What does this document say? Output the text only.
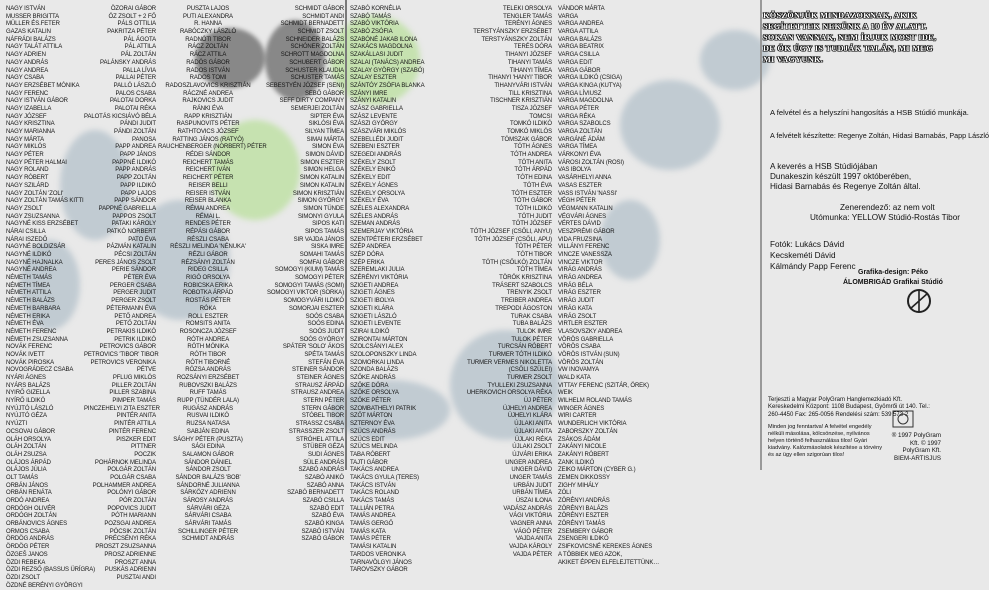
NAGY ISTVÁN
MUSSER BRIGITTA
MÜLLER ÉS.FETER
GAZAS KATALIN
NÁFRÁDI BALÁZS
NAGY TALÁT ATTILA
NAGY ADRIEN
NAGY ANDRÁS
NAGY ANDREA
NAGY CSABA
NAGY ERZSÉBET MÓNIKA
NAGY FERENC
NAGY ISTVÁN GÁBOR
NAGY IZABELLA
NAGY JÓZSEF
NAGY KRISZTINA
NAGY MARIANNA
NAGY MÁRTA
NAGY MIKLÓS
NAGY PÉTER
NAGY PÉTER HALMAI
NAGY ROLAND
NAGY RÓBERT
NAGY SZILÁRD
NAGY ZOLTÁN 'ZOLI'
NAGY ZOLTÁN TAMÁS KITTI
NAGY ZSOLT
NAGY ZSUZSANNA
NAGYNÉ KISS ERZSÉBET
NÁRAI CSILLA
NÁRAI ISZEDŐ
NAGYNÉ BOLDIZSÁR
NAGYNÉ ILDIKÓ
NAGYNÉ HAJNALKA
NAGYNÉ ANDREA
NÉMETH TAMÁS
NÉMETH TÍMEA
NÉMETH ATTILA
NÉMETH BALÁZS
NÉMETH BARBARA
NÉMETH ERIKA
NÉMETH ÉVA
NÉMETH FERENC
NÉMETH ZSUZSANNA
NOVÁK FERENC
NOVÁK IVETT
NOVÁK PIROSKA
NOVOGRÁDECZ CSABA
NYÁRI ÁGNES
NYÁRS BALÁZS
NYIRŐ GIZELLA
NYÍRŐ ILDIKÓ
NYÚJTÓ LÁSZLÓ
NYÚJTÓ GÉZA
NYÚZTI
OCSOVAI GÁBOR
OLÁH ORSOLYA
OLÁH ZOLTÁN
OLÁH ZSUZSA
OLÁJOS ÁRPÁD
OLÁJOS JÚLIA
OLT TAMÁS
ORBÁN JÁNOS
ORBÁN RENÁTA
ORDÓ ANDREA
ORDÓGH OLIVÉR
ORDÓGH ZOLTÁN
ORBÁNOVICS ÁGNES
ORMOS CSABA
ÖRDÖG ANDRÁS
ÖRDÖG PÉTER
ÖZGEŠ JANOS
ÖZDI REBEKA
ÖZDI REZSŐ (BASSUS ÜRÍGRA)
ÖZDI ZSOLT
ÖZDNÉ BERÉNYI GYÖRGYI
ÖZORAI GÁBOR
ÖZ ZSOLT + 2 FŐ
PÁLS OTTILIA
PAKRITZA PÉTER
PÁL ÁGOTA
PÁL ATTILA
PÁL ZOLTÁN
PALÁNSKY ANDRÁS
PALLA LÍVIA
PALLAI PÉTER
PALLÓ LÁSZLÓ
PALOS CSABA
PALOTAI DORKA
PALOTAI RÉKA
PALOTÁS KICSIÁVÓ BÉLA
PÁNDI JUDIT
PÁNDI ZOLTÁN
PANOSA
PAPP ANDREA
PAPP JÁNOS
PAPPNÉ ILDIKÓ
PAPP ANDRÁS
PAPP ZOLTÁN
PAPP ILDIKÓ
PAPP LAJOS
PAPP SÁNDOR
PAPPNÉ GABRIELLA
PAPPOS ZSOLT
PATAKI KÁROLY
PATKÓ NORBERT
PATO ÉVA
PÁZMÁN KATALIN
PÉCSI ZOLTÁN
PERES JÁNOS ZSOLT
PERIE SÁNDOR
PÉTER ÉVA
PERGER CSABA
PERGER JUDIT
PERGER ZSOLT
PÉTERMANN ÉVA
PETŐ ANDREA
PETŐ ZOLTÁN
PETRAKIS ILDIKÓ
PETRIK ILDIKÓ
PETROVICS GÁBOR
PETROVICS 'TIBOR' TIBOR
PETROVICS VERONIKA
PÉTVE
PFLUG MIKLÓS
PILLER ZOLTÁN
PILLER SZABINA
PIMPER TAMÁS
PINCZEHELYI ZITA ESZTER
PINTÉR ANITA
PINTÉR ATTILA
PINTÉR FERENC
PISZKER EDIT
PITTNER
POCZIK
POHÁRNOK MELINDA
POLGÁR ZOLTÁN
POLGÁR CSABA
POLHAMMER ANDREA
POLÓNYI GÁBOR
PÓR ZOLTÁN
POPOVICS JUDIT
PÓTH MARIANN
POZSGAI ANDREA
PÓCSIK ZOLTÁN
PRÉCSÉNYI RÉKA
PROSZT ZSUZSANNA
PROSZ ADRIENNE
PROSZT ANNA
PUSKÁS ADRIENN
PUSZTAI ANDI
PUSZTA LAJOS
PUTI ALEXANDRA
R. HANNA
RABÓCZKY LÁSZLÓ
RADNÓTI TIBOR
RÁCZ ZOLTÁN
RÁCZ ATTILA
RADÓS GÁBOR
RADOS ISTVÁN
RADOS TOMI
RADOSZLAVOVICS KRISZTIÁN
RÁCZNÉ ANDREA
RAJKOVICS JUDIT
RÁNKI ÉVA
RAPP KRISZTIÁN
RASPUNOVITS PÉTER
RATHTOVICS JÓZSEF
RATTING JÁNOS (RATYÓ)
RAUCHENBERGER (NORBERT) PÉTER
RÉDEI SÁNDOR
REICHERT TAMÁS
REICHERT IVÁN
REICHERT PÉTER
REISER BELLI
REISER ISTVÁN
REISER BLANKA
RÉMAI ANDREA
RÉMAI L.
RENDES PÉTER
RÉPÁSI GÁBOR
RÉSZLI CSABA
RÉSZLI MELINDA 'NÉNUKA'
RÉZLI GÁBOR
RÉZSÁNYI ZOLTÁN
RIDEG CSILLA
RIGÓ ORSOLYA
ROBICSKA ERIKA
ROBOTKA ÁRPÁD
ROSTÁS PÉTER
RÓKA
ROLL ESZTER
ROMSITS ANITA
ROSONCZA JÓZSEF
RÓTH ANDREA
RÓTH MÓNIKA
RÓTH TIBOR
RÓTH TIBORNÉ
RÓZSA ANDRÁS
ROZSÁNYI ERZSÉBET
RUBOVSZKI BALÁZS
RUFF TAMÁS
RUPP (TÜNDÉR LALA)
RUGÁSZ ANDRÁS
RUSVAI ILDIKÓ
RUZSA NATASA
SABJÁN EDINA
SÁGHY PÉTER (PUSZTA)
SÁGI EDINA
SALAMON GÁBOR
SÁNDOR DÁNIEL
SÁNDOR ZSOLT
SÁNDOR BALÁZS 'BOB'
SÁNDORNÉ JULIANNA
SÁRKÖZY ADRIENN
SÁROSY ANDRÁS
SÁRVÁRI GÉZA
SÁRVÁRI CSABA
SÁRVÁRI TAMÁS
SCHILLINGER PÉTER
SCHMIDT ANDRÁS
SCHMIDT GÁBOR
SCHMIDT ANDI
SCHMIDT BERNADETT
SCHMIDT ZSOLT
SCHNEIDER BALÁZS
SCHÓNER ZOLTÁN
SCHROTT MAGDOLNA
SCHUBERT GÁBOR
SCHUSTER KLAUDIA
SCHUSTER TAMÁS
SEBESTYÉN JÓZSEF (SENI)
SEBŐ GÁBOR
SEFF DIRTY COMPANY
SEMERJEI ZOLTÁN
SIPTER ÉVA
SIKLÓSI ÉVA
SILYAN TÍMEA
SIMAI MÁRTA
SIMON ÉVA
SIMON DÁVID
SIMON ESZTER
SIMON HELGA
SIMON KATALIN
SIMON KATALIN
SIMON KRISZTIÁN
SIMON GYÖRGY
SIMON TÜNDE
SIMONYI GYULA
SIPOS KATI
SIPOS TAMÁS
SIR VAJDA JÁNOS
SISKA IMRE
SOMAHI TAMÁS
SOMFAI GÁBOR
SOMOGYI (KIUM) TAMÁS
SOMOGYI PÉTER
SOMOGYI TAMÁS (SOMI)
SOMOGYI VIKTOR (SORKA)
SOMOGYVÁRI ILDIKÓ
SOMORJAI ESZTER
SOÓS CSABA
SOÓS EDINA
SOÓS JUDIT
SOÓS GYÖRGY
SPÁTER 'SOLO' ÁKOS
SPÉTA TAMÁS
STEFÁN ÉVA
STEINER SÁNDOR
STEINER ÁGNES
STRAUSZ ÁRPÁD
STRAUSZ ANDREA
STERN PÉTER
STERN GÁBOR
STÓBEL TIBOR
STRASSZ CSABA
STRASSZER ZSOLT
STRÓHEL ATTILA
STÜBER GÉZA
SUDI ÁGNES
SÜLE ANDRÁS
SZABÓ ANDRÁS
SZABÓ ANIKÓ
SZABÓ ANNA
SZABÓ BERNADETT
SZABÓ CSILLA
SZABÓ EDIT
SZABÓ ÉVA
SZABÓ KINGA
SZABÓ ISTVÁN
SZABÓ GÁBOR
SZABÓ KORNÉLIA
SZABÓ TAMÁS
SZABÓ VIKTÓRIA
SZABÓ ZSÓFIA
SZABÓNÉ JAKAB ILONA
SZAKÁCS MAGDOLNA
SZAKÁLLASI JUDIT
SZALAI (TANÁCS) ANDREA
SZALAY GYÖRGY (SZABÓ)
SZALAY ESZTER
SZÁNTÓY ZSÓFIA BLANKA
SZÁNYI IMRE
SZÁNYI KATALIN
SZÁSZ GABRIELLA
SZÁSZ LEVENTE
SZÁSZI GYÖRGY
SZÁSZVÁRI MIKLÓS
SZEBELLÉDI JUDIT
SZEBENI ESZTER
SZEGEDI ANDRÁS
SZÉKELY ZSOLT
SZÉKELY ENIKŐ
SZÉKELY EDIT
SZÉKELY ÁGNES
SZÉKELY ORSOLYA
SZÉKELY ÉVA
SZÉLES ALEXANDRA
SZÉLES ANDRÁS
SZEMAN ANDRÁS
SZEMERJAY VIKTÓRIA
SZENTPÉTERI ERZSÉBET
SZÉP ANDREA
SZÉP DÓRA
SZÉP ERIKA
SZEREMLAKI JULIA
SZÉRÉNYI VIKTÓRIA
SZIGETI ANDREA
SZIGETI ÁGNES
SZIGETI IBOLYA
SZIGETI KLÁRA
SZIGETI LÁSZLÓ
SZIGETI LEVENTE
SZIRAI ILDIKÓ
SZIRONTAI MÁRTON
SZOLCSÁNYI ALEX
SZOLOPONSZKY LINDA
SZOMORKAI LINDA
SZONDA BALÁZS
SZŐKE ANDRÁS
SZŐKE DÓRA
SZŐKE ORSOLYA
SZŐKE PÉTER
SZOMBATHELYI PATRIK
SZŐT MÁRTON
SZTERNOY ÉVA
SZÜCS ANDRÁS
SZÜCS EDIT
SZÜCS MELINDA
TABA RÓBERT
TAJTI GÁBOR
TAKÁCS ANDREA
TAKÁCS GYULA (TERES)
TAKÁCS ISTVÁN
TAKÁCS ROLAND
TAKÁCS TAMÁS
TALLIÁN PETRA
TAMÁS ANDREA
TAMÁS GERGŐ
TAMÁS KATA
TAMÁS PÉTER
TAMÁSI KATALIN
TARDOS VERONIKA
TARNAVÖLGYI JÁNOS
TAROVSZKY GÁBOR
TELEKI ORSOLYA
TENGLER TAMÁS
TERÉNYI ÁGNES
TERSTYÁNSZKY ERZSÉBET
TERSTYÁNSZKY ZOLTÁN
TERÉS DÓRA
TIHANYI JÓZSEF
TIHANYI TAMÁS
TIHANYI TÍMEA
TIHANYI 'HANYI' TIBOR
TIHANYVÁRI ISTVÁN
TILL KRISZTINA
TISCHNER KRISZTIÁN
TISZA JÓZSEF
TOMCSI
TOMKÓ ILDIKÓ
TOMKÓ MIKLÓS
TÓMSZAK GÁBOR
TÓTH ÁGNES
TÓTH ANDREA
TÓTH ANITA
TÓTH ÁRPÁD
TÓTH EDINA
TÓTH ÉVA
TÓTH ESZTER
TÓTH GÁBOR
TÓTH ILDIKÓ
TÓTH JUDIT
TÓTH JÓZSEF
TÓTH JÓZSEF (CSŐLI, ANYU)
TÓTH JÓZSEF (CSŐLI, APU)
TÓTH PÉTER
TÓTH TIBOR
TÓTH (CSŐLKÓ) ZOLTÁN
TÓTH TÍMEA
TÖRÖK KRISZTINA
TRÁSERT SZABOLCS
TRENYIK ZSOLT
TREIBER ANDREA
TREPODI ÁGOSTON
TURAK CSABA
TUBA BALÁZS
TULOK IMRE
TULOK PÉTER
TURCSÁN RÓBERT
TURMER TÓTH ILDIKÓ
TURMER VERMES NIKOLETTA
(CSŐLI SZÜLEI)
TURMER ZSOLT
TYULLEKI ZSUZSANNA
UHERKOVICH ORSOLYA RÉKA
ÚJ PÉTER
ÚJHELYI ANDREA
ÚJHELYI KLÁRA
ÚJLAKI ANITA
ÚJLAKI ANITA
ÚJLAKI RÉKA
ÚJLAKI ZSOLT
ÚJVÁRI ERIKA
UNGER ANDREA
UNGER DÁVID
UNGER TAMÁS
URBÁN JUDIT
URBÁN TÍMEA
ÚSZAI ILONA
VADÁSZ ANDRÁS
VÁGI VIKTÓRIA
VAGNER ANNA
VÁGÓ PÉTER
VAJDA ANITA
VAJDA KÁROLY
VAJDA PÉTER
VÁNDOR MÁRTA
VARGA
VARGA ANDREA
VARGA ATTILA
VARGA BALÁZS
VARGA BEATRIX
VARGA CSILLA
VARGA EDIT
VARGA GÁBOR
VARGA ILDIKÓ (CSIGA)
VARGA KINGA (KUTYA)
VARGA LÍVIUSZ
VARGA MAGDOLNA
VARGA PÉTER
VARGA RÉKA
VARGA SZABOLCS
VARGA ZOLTÁN
VARGÁNÉ ÁDÁM
VARGA TÍMEA
VÁRKONYI ÉVA
VÁROSI ZOLTÁN (ROSI)
VAS IBOLYA
VASÁRHELYI ANNA
VASAS ESZTER
VASS ISTVÁN 'NASSI'
VÉGH PÉTER
VÉGMANN KATALIN
VÉGVÁRI ÁGNES
VÉRTES DÁVID
VESZPRÉMI GÁBOR
VIDA FRUZSINA
VILLÁNYI FERENC
VINCZE VANESSZA
VINCZE VIKTOR
VIRÁG ANDRÁS
VIRÁG ANDREA
VIRÁG BÉLA
VIRÁG ESZTER
VIRÁG JUDIT
VIRÁG KATA
VIRÁG ZSOLT
VIRTLER ESZTER
VLASOVSZKY ANDREA
VÖRÖS GABRIELLA
VÖRÖS CSABA
VÖRÖS ISTVÁN (SUN)
VÖRÖS ZOLTÁN
VW INOVAMYA
WALD KATA
VITTAY FERENC (SZITÁR, ÖREK)
WEIK
WILHELM ROLAND TAMÁS
WINGER ÁGNES
WIRI CARTER
WUNDERLICH VIKTÓRIA
ZABORSZKY ZOLTÁN
ZSÁKOS ÁDÁM
ZAKÁNYI NICOLE
ZAKÁNYI RÓBERT
ZANK ILDIKÓ
ZEIKO MÁRTON (CYBER G.)
ZEMEN DIKKOSSY
ZIGHY MIHÁLY
ZÓLI
ZÖRÉNYI ANDRÁS
ZÖRÉNYI BALÁZS
ZÖRÉNYI ESZTER
ZÖRÉNYI TAMÁS
ZSEMBERY GÁBOR
ZSENGERI ILDIKÓ
ZSIFKOVICSNÉ KEREKES ÁGNES
A TÖBBIEK MEG AZOK,
AKIKET ÉPPEN ELFELEJTETTÜNK…
KÖSZÖNJÜK MINDAZOKNAK, AKIK SEGÍTETTEK NEKÜNK A 10 ÉV ALATT. SOKAN VANNAK, NEM ÍRJUK MOST IDE, DE ÖK ÚGY IS TUDJÁK TALÁN, MI MEG MI VAGYUNK.
A felvétel és a helyszíni hangosítás a HSB Stúdió munkája.
A felvételt készítette: Regenye Zoltán, Hidasi Barnabás, Papp László
A keverés a HSB Stúdiójában
Dunakeszin készült 1997 októberében,
Hidasi Barnabás és Regenye Zoltán által.
Zenerendező: az nem volt
Utómunka: YELLOW Stúdió-Rostás Tibor
Fotók: Lukács Dávid
Kecskeméti Dávid
Kálmándy Papp Ferenc
Grafika-design: Péko
ÁLOMBRIGÁD Grafikai Stúdió
Terjeszti a Magyar PolyGram Hanglemezkiadó Kft. Kereskedelmi Központ: 1108 Budapest, Gyömrői út 140. Tel.: 260-4450 Fax: 265-0056 Rendelési szám: 539 573-2
Minden jog fenntartva! A felvétel engedély nélküli másolása, kölcsönzése, nyilvános helyen történő felhasználása tilos! Gyári kiadvány. Kalózmásolatok készítése a törvény és az ügy ellen szigorúan tilos!
® 1997 PolyGram Kft. © 1997 PolyGram Kft. BIEM-ARTISJUS
